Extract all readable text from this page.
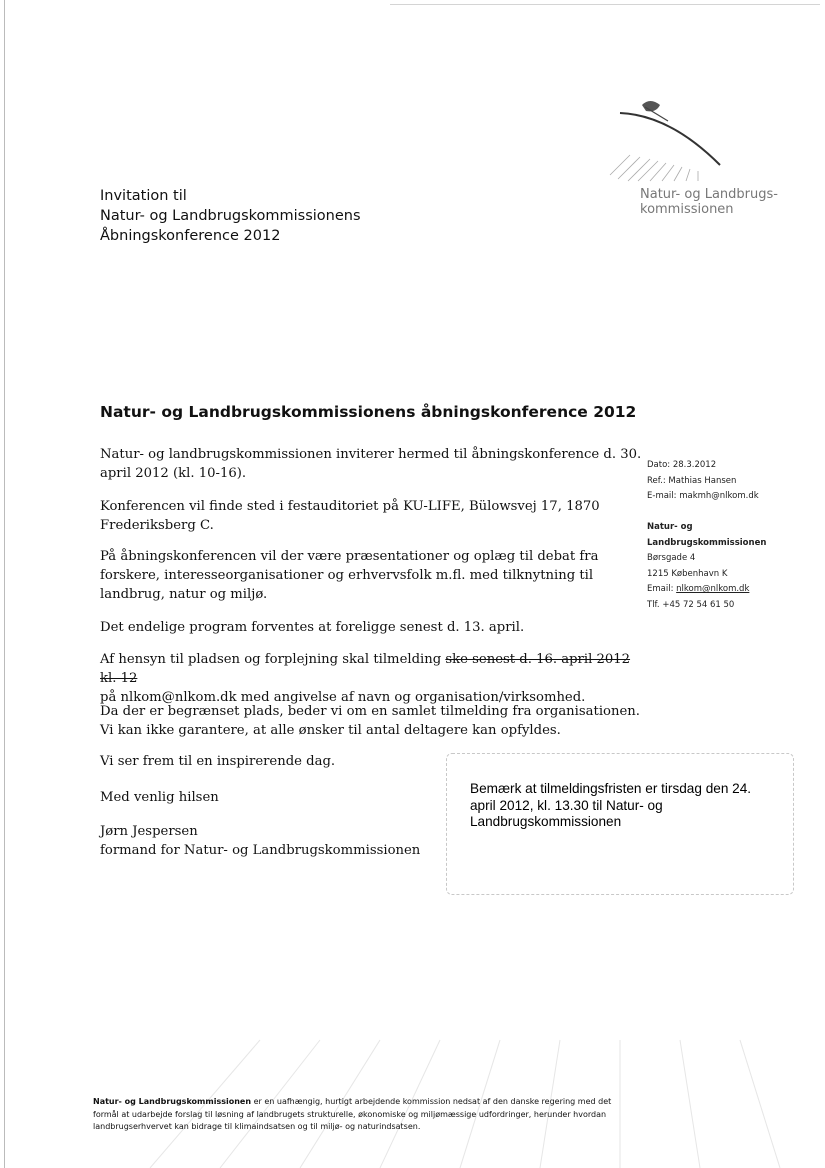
Natur- og Landbrugs-
kommissionen
Invitation til
Natur- og Landbrugskommissionens
Åbningskonference 2012
Natur- og Landbrugskommissionens åbningskonference 2012
Natur- og landbrugskommissionen inviterer hermed til åbningskonference d. 30. april 2012 (kl. 10-16).
Konferencen vil finde sted i festauditoriet på KU-LIFE, Bülowsvej 17, 1870 Frederiksberg C.
På åbningskonferencen vil der være præsentationer og oplæg til debat fra forskere, interesseorganisationer og erhvervsfolk m.fl. med tilknytning til landbrug, natur og miljø.
Det endelige program forventes at foreligge senest d. 13. april.
Af hensyn til pladsen og forplejning skal tilmelding ske senest d. 16. april 2012 kl. 12
på nlkom@nlkom.dk med angivelse af navn og organisation/virksomhed.
Da der er begrænset plads, beder vi om en samlet tilmelding fra organisationen. Vi kan ikke garantere, at alle ønsker til antal deltagere kan opfyldes.
Vi ser frem til en inspirerende dag.
Med venlig hilsen
Jørn Jespersen
formand for Natur- og Landbrugskommissionen
Dato: 28.3.2012
Ref.: Mathias Hansen
E-mail: makmh@nlkom.dk
Natur- og
Landbrugskommissionen
Børsgade 4
1215 København K
Email: nlkom@nlkom.dk
Tlf. +45 72 54 61 50
Bemærk at tilmeldingsfristen er tirsdag den 24. april 2012, kl. 13.30 til Natur- og Landbrugskommissionen
Natur- og Landbrugskommissionen er en uafhængig, hurtigt arbejdende kommission nedsat af den danske regering med det formål at udarbejde forslag til løsning af landbrugets strukturelle, økonomiske og miljømæssige udfordringer, herunder hvordan landbrugserhvervet kan bidrage til klimaindsatsen og til miljø- og naturindsatsen.
